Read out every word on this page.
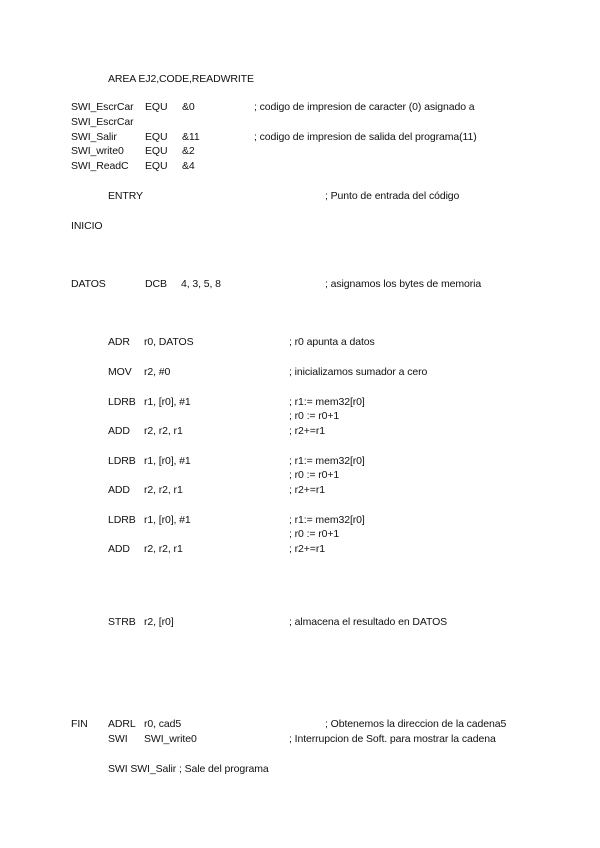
AREA EJ2,CODE,READWRITE
SWI_EscrCar EQU &0	; codigo de impresion de caracter (0) asignado a
SWI_EscrCar
SWI_Salir	EQU &11	; codigo de impresion de salida del programa(11)
SWI_write0 EQU &2
SWI_ReadC EQU &4
ENTRY	; Punto de entrada del código
INICIO
DATOS	DCB 4, 3, 5, 8	; asignamos los bytes de memoria
ADR r0, DATOS	; r0 apunta a datos
MOV r2, #0	; inicializamos sumador a cero
LDRB r1, [r0], #1	; r1:= mem32[r0]
; r0 := r0+1
ADD r2, r2, r1	; r2+=r1
LDRB r1, [r0], #1	; r1:= mem32[r0]
; r0 := r0+1
ADD r2, r2, r1	; r2+=r1
LDRB r1, [r0], #1	; r1:= mem32[r0]
; r0 := r0+1
ADD r2, r2, r1	; r2+=r1
STRB r2, [r0]	; almacena el resultado en DATOS
FIN ADRL r0, cad5	; Obtenemos la direccion de la cadena5
SWI SWI_write0	; Interrupcion de Soft. para mostrar la cadena
SWI SWI_Salir ; Sale del programa
